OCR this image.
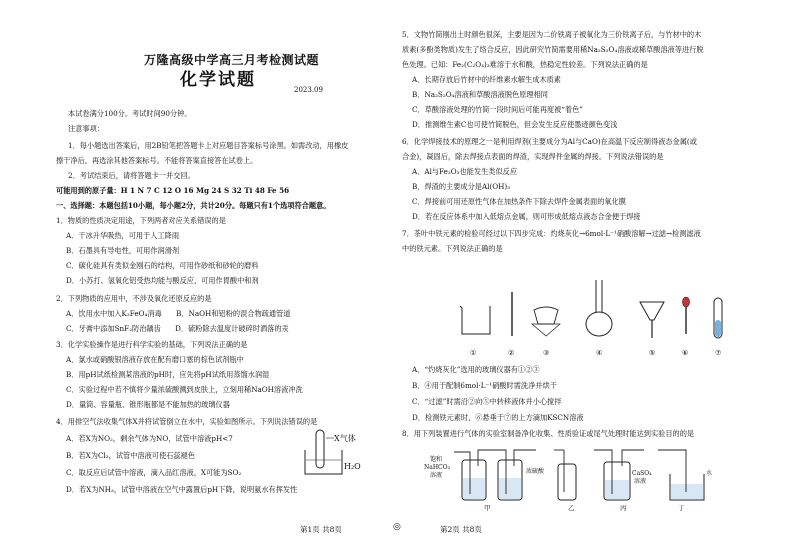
万隆高级中学高三月考检测试题
化学试题	2023.09
本试卷满分100分。考试时间90分钟。
注意事项：
1．每小题选出答案后，用2B铅笔把答题卡上对应题目答案标号涂黑。如需改动，用橡皮
擦干净后，再选涂其他答案标号。不能将答案直接答在试卷上。
2．考试结束后，请将答题卡一并交回。
可能用到的原子量：H 1 N 7 C 12 O 16 Mg 24 S 32 Ti 48 Fe 56
一、选择题：本题包括10小题，每小题2分，共计20分。每题只有1个选项符合题意。
1．物质的性质决定用途，下列两者对应关系错误的是
A．干冰升华吸热，可用于人工降雨
B．石墨具有导电性，可用作润滑剂
C．碳化硅具有类似金刚石的结构，可用作砂纸和砂轮的磨料
D．小苏打、氢氧化铝受热均能与酸反应，可用作胃酸中和剂
2．下列物质的应用中，不涉及氧化还原反应的是
A．饮用水中加入K₂FeO₄消毒　　B．NaOH和铝粉的混合物疏通管道
C．牙膏中添加SnF₂防治龋齿　　D．硫粉除去温度计破碎时洒落的汞
3．化学实验操作是进行科学实验的基础，下列说法正确的是
A．氯水或硝酸银溶液存放在配有磨口塞的棕色试剂瓶中
B．用pH试纸检测某溶液的pH时，应先将pH试纸用蒸馏水润湿
C．实验过程中若不慎将少量浓硫酸溅到皮肤上，立刻用稀NaOH溶液冲洗
D．量筒、容量瓶、锥形瓶都是不能加热的玻璃仪器
4．用排空气法收集气体X并将试管倒立在水中，实验如图所示。下列说法错误的是
A．若X为NO₂，剩余气体为NO，试管中溶液pH<7
B．若X为Cl₂，试管中溶液可使石蕊褪色
C．取反应后试管中溶液，滴入品红溶液，X可能为SO₂
D．若X为NH₃，试管中溶液在空气中露置后pH下降，说明氨水有挥发性
X气体
H₂O
5．文物竹简刚出土时颜色很深，主要是因为二价铁离子被氧化为三价铁离子后，与竹材中的木
质素(多酚类物质)发生了络合反应，因此研究竹简需要用稀Na₂S₂O₄溶液或稀草酸溶液等进行脱
色处理。已知：Fe₂(C₂O₄)₃难溶于水和酸，热稳定性较差。下列说法正确的是
A．长期存放后竹材中的纤维素水解生成木质素
B．Na₂S₂O₄溶液和草酸溶液脱色原理相同
C．草酸溶液处理的竹简一段时间后可能再度被“着色”
D．推测维生素C也可使竹简脱色，但会发生反应使墨迹颜色变浅
6．化学焊接技术的原理之一是利用焊剂(主要成分为Al与CaO)在高温下反应制得液态金属(或
合金)，凝固后，除去焊接点表面的焊渣，实现焊件金属的焊接。下列说法错误的是
A．Al与Fe₂O₃也能发生类似反应
B．焊渣的主要成分是Al(OH)₃
C．焊接前可用还原性气体在加热条件下除去焊件金属表面的氧化膜
D．若在反应体系中加入低熔点金属，则可形成低熔点液态合金便于焊接
7．茶叶中铁元素的检验可经过以下四步完成：灼烧灰化→6mol·L⁻¹硝酸溶解→过滤→检测滤液
中的铁元素。下列说法正确的是
①	②	③	④	⑤	⑥	⑦
A．“灼烧灰化”选用的玻璃仪器有①②③
B．④用于配制6mol·L⁻¹硝酸时需洗净并烘干
C．“过滤”时需沿②向⑤中转移液体并小心搅拌
D．检测铁元素时，⑥悬垂于⑦的上方滴加KSCN溶液
8．用下列装置进行气体的实验室制备净化收集、性质验证或尾气处理时能达到实验目的的是
饱和
NaHCO₃
溶液
浓硫酸	CaSO₄
溶液
水
甲	乙	丙	丁
第1页 共8页	◎	第2页 共8页
